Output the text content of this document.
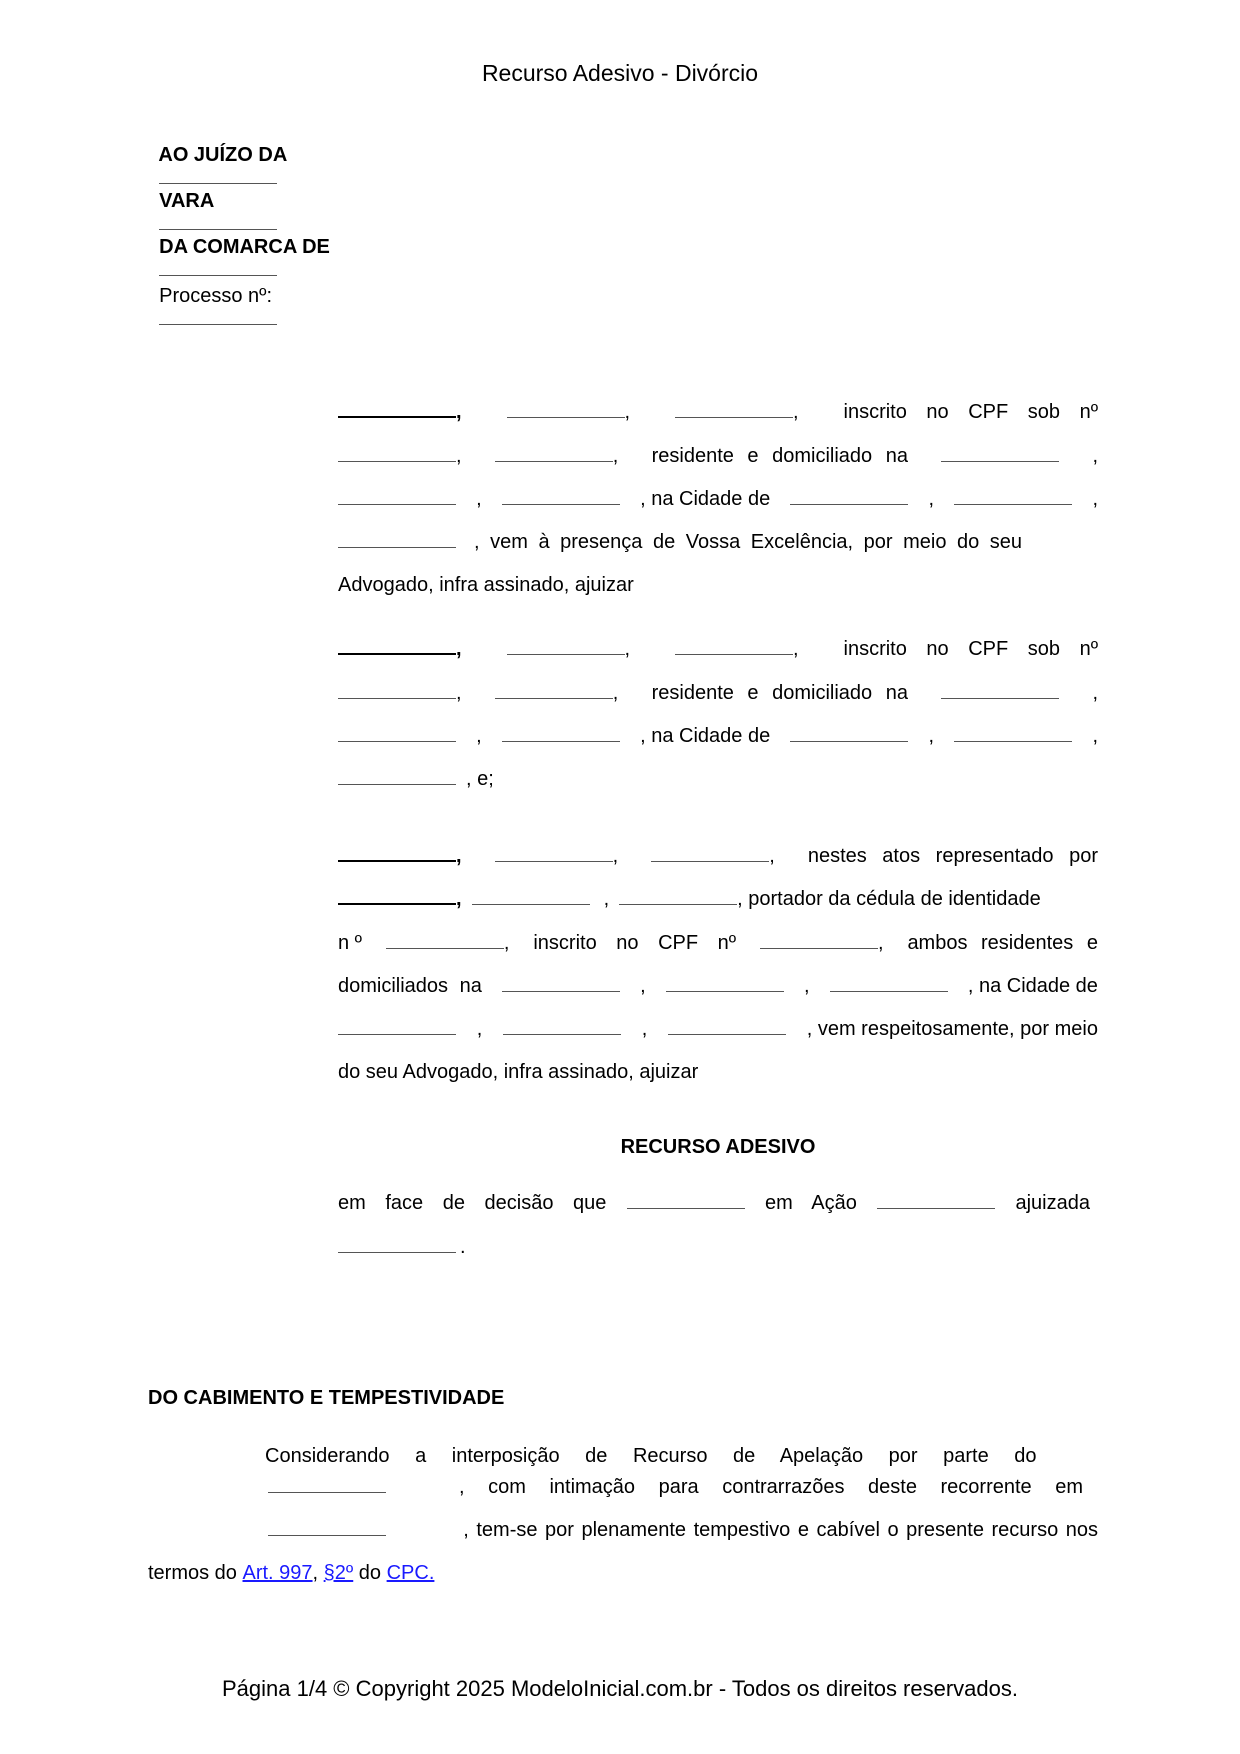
Recurso Adesivo - Divórcio

AO JUÍZO DA

VARA

DA COMARCA DE

Processo nº:

,	,	, inscrito no CPF sob nº
,	, residente e domiciliado na	,
,	, na Cidade de	,	,
, vem à presença de Vossa Excelência, por meio do seu
Advogado, infra assinado, ajuizar
,	,	, inscrito no CPF sob nº
,	, residente e domiciliado na	,
,	, na Cidade de	,	,
, e;
,	,	, nestes atos representado por
,	,	, portador da cédula de identidade
n º	, inscrito no CPF nº	, ambos residentes e
domiciliados na	,	,	, na Cidade de
,	,	, vem respeitosamente, por meio
do seu Advogado, infra assinado, ajuizar
RECURSO ADESIVO
em face de decisão que	em Ação	ajuizada
.
DO CABIMENTO E TEMPESTIVIDADE
Considerando a interposição de Recurso de Apelação por parte do
, com intimação para contrarrazões deste recorrente em
, tem-se por plenamente tempestivo e cabível o presente recurso nos
termos do
Art. 997 ,
§2º
do
CPC.
Página 1/4 © Copyright 2025 ModeloInicial.com.br - Todos os direitos reservados.
